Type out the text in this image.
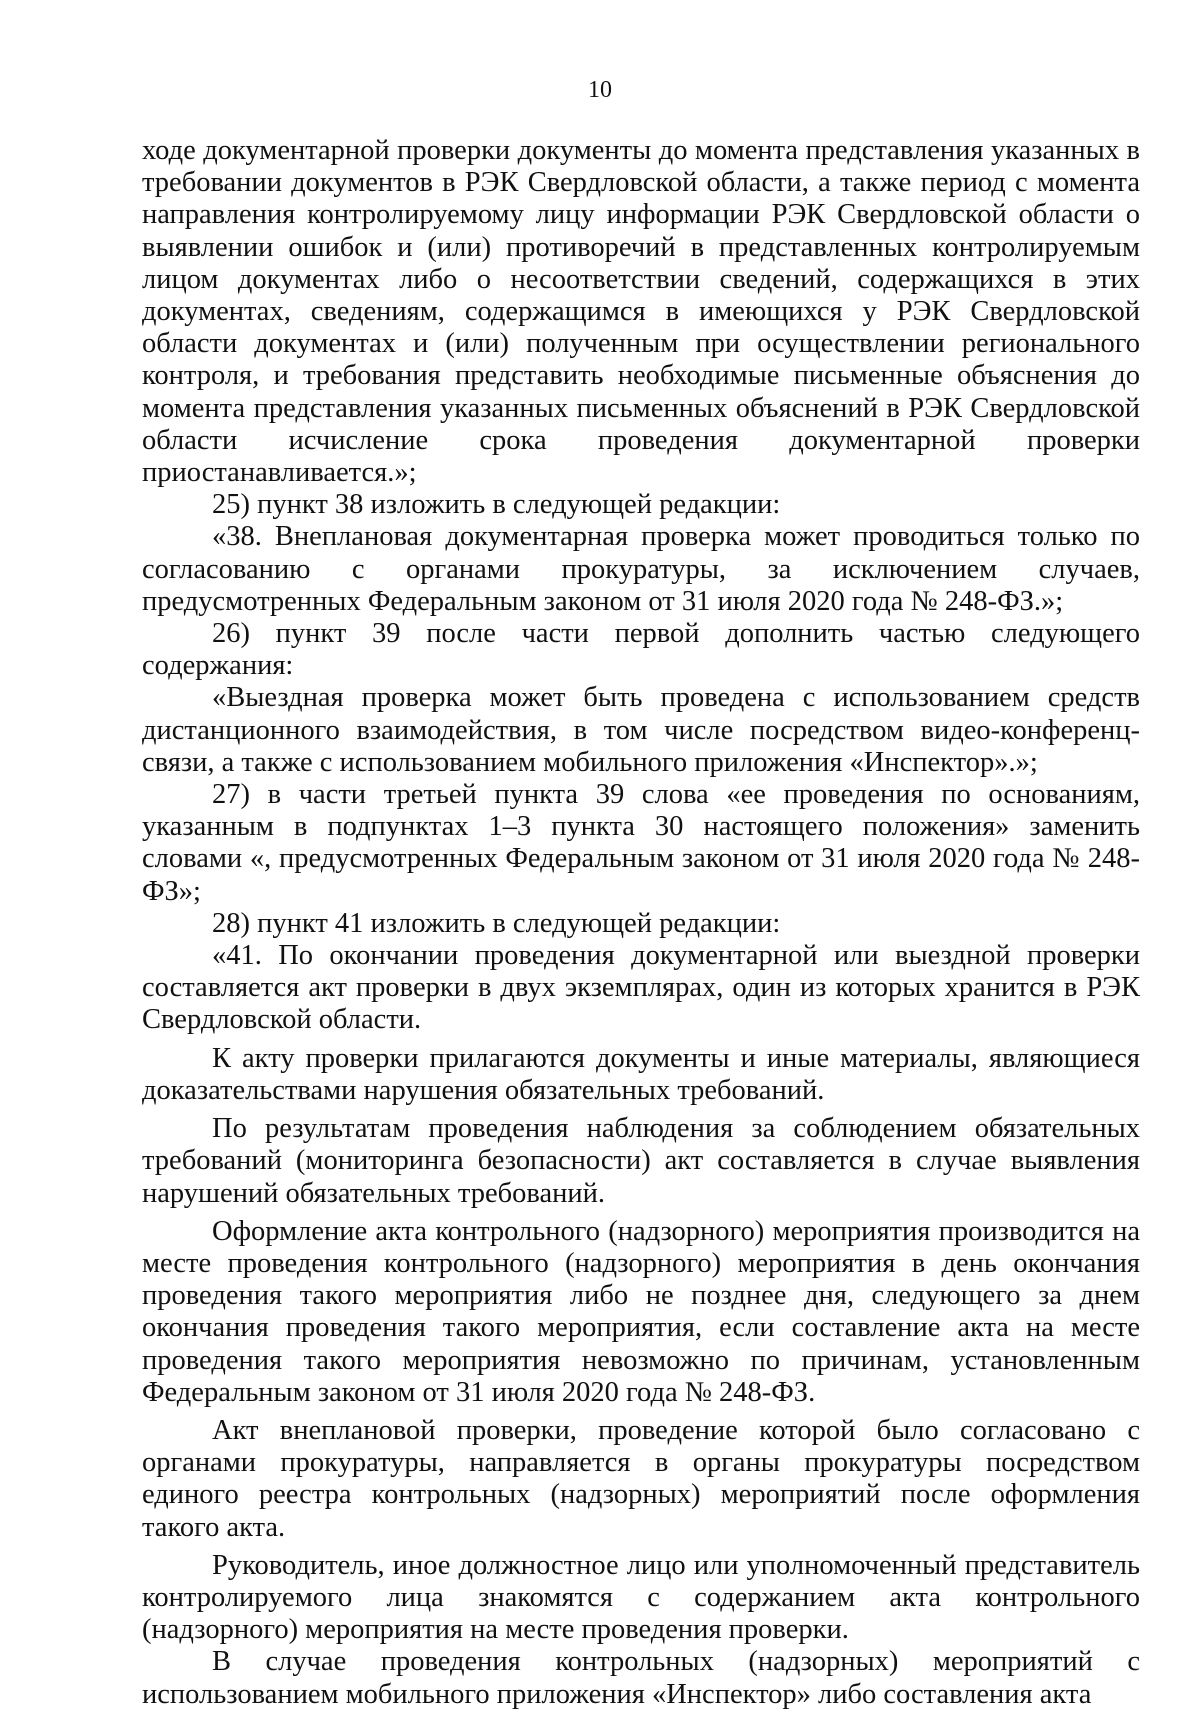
10

ходе документарной проверки документы до момента представления указанных в требовании документов в РЭК Свердловской области, а также период с момента направления контролируемому лицу информации РЭК Свердловской области о выявлении ошибок и (или) противоречий в представленных контролируемым лицом документах либо о несоответствии сведений, содержащихся в этих документах, сведениям, содержащимся в имеющихся у РЭК Свердловской области документах и (или) полученным при осуществлении регионального контроля, и требования представить необходимые письменные объяснения до момента представления указанных письменных объяснений в РЭК Свердловской области исчисление срока проведения документарной проверки приостанавливается.»;

25) пункт 38 изложить в следующей редакции:

«38. Внеплановая документарная проверка может проводиться только по согласованию с органами прокуратуры, за исключением случаев, предусмотренных Федеральным законом от 31 июля 2020 года № 248-ФЗ.»;

26) пункт 39 после части первой дополнить частью следующего содержания:

«Выездная проверка может быть проведена с использованием средств дистанционного взаимодействия, в том числе посредством видео-конференц-связи, а также с использованием мобильного приложения «Инспектор».»;

27) в части третьей пункта 39 слова «ее проведения по основаниям, указанным в подпунктах 1–3 пункта 30 настоящего положения» заменить словами «, предусмотренных Федеральным законом от 31 июля 2020 года № 248-ФЗ»;

28) пункт 41 изложить в следующей редакции:

«41. По окончании проведения документарной или выездной проверки составляется акт проверки в двух экземплярах, один из которых хранится в РЭК Свердловской области.

К акту проверки прилагаются документы и иные материалы, являющиеся доказательствами нарушения обязательных требований.

По результатам проведения наблюдения за соблюдением обязательных требований (мониторинга безопасности) акт составляется в случае выявления нарушений обязательных требований.

Оформление акта контрольного (надзорного) мероприятия производится на месте проведения контрольного (надзорного) мероприятия в день окончания проведения такого мероприятия либо не позднее дня, следующего за днем окончания проведения такого мероприятия, если составление акта на месте проведения такого мероприятия невозможно по причинам, установленным Федеральным законом от 31 июля 2020 года № 248-ФЗ.

Акт внеплановой проверки, проведение которой было согласовано с органами прокуратуры, направляется в органы прокуратуры посредством единого реестра контрольных (надзорных) мероприятий после оформления такого акта.

Руководитель, иное должностное лицо или уполномоченный представитель контролируемого лица знакомятся с содержанием акта контрольного (надзорного) мероприятия на месте проведения проверки.

В случае проведения контрольных (надзорных) мероприятий с использованием мобильного приложения «Инспектор» либо составления акта
